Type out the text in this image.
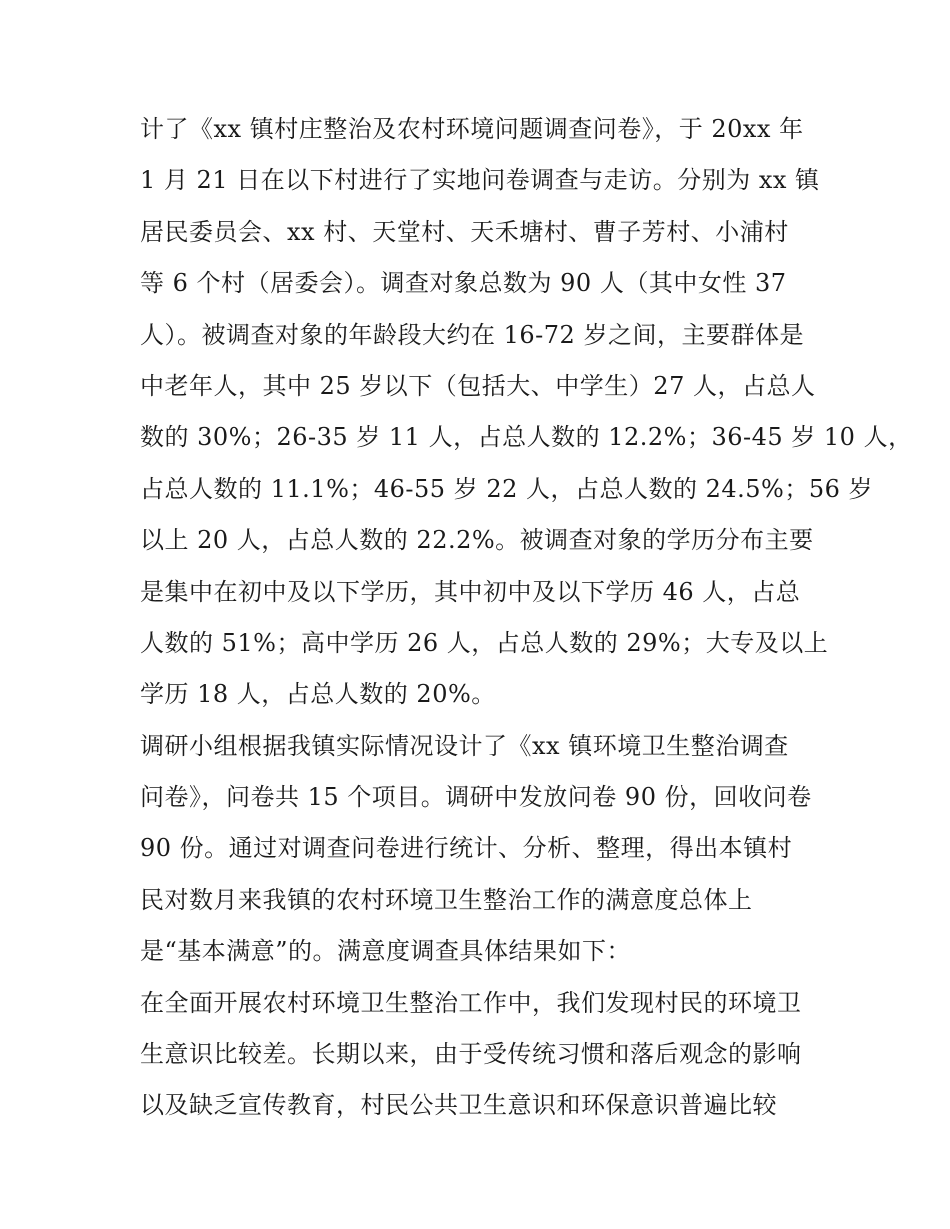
计了《xx 镇村庄整治及农村环境问题调查问卷》，于 20xx 年
1 月 21 日在以下村进行了实地问卷调查与走访。分别为 xx 镇
居民委员会、xx 村、天堂村、天禾塘村、曹子芳村、小浦村
等 6 个村（居委会）。调查对象总数为 90 人（其中女性 37
人）。被调查对象的年龄段大约在 16-72 岁之间，主要群体是
中老年人，其中 25 岁以下（包括大、中学生）27 人，占总人
数的 30%；26-35 岁 11 人，占总人数的 12.2%；36-45 岁 10 人，
占总人数的 11.1%；46-55 岁 22 人，占总人数的 24.5%；56 岁
以上 20 人，占总人数的 22.2%。被调查对象的学历分布主要
是集中在初中及以下学历，其中初中及以下学历 46 人，占总
人数的 51%；高中学历 26 人，占总人数的 29%；大专及以上
学历 18 人，占总人数的 20%。
调研小组根据我镇实际情况设计了《xx 镇环境卫生整治调查
问卷》，问卷共 15 个项目。调研中发放问卷 90 份，回收问卷
90 份。通过对调查问卷进行统计、分析、整理，得出本镇村
民对数月来我镇的农村环境卫生整治工作的满意度总体上
是“基本满意”的。满意度调查具体结果如下：
在全面开展农村环境卫生整治工作中，我们发现村民的环境卫
生意识比较差。长期以来，由于受传统习惯和落后观念的影响
以及缺乏宣传教育，村民公共卫生意识和环保意识普遍比较
